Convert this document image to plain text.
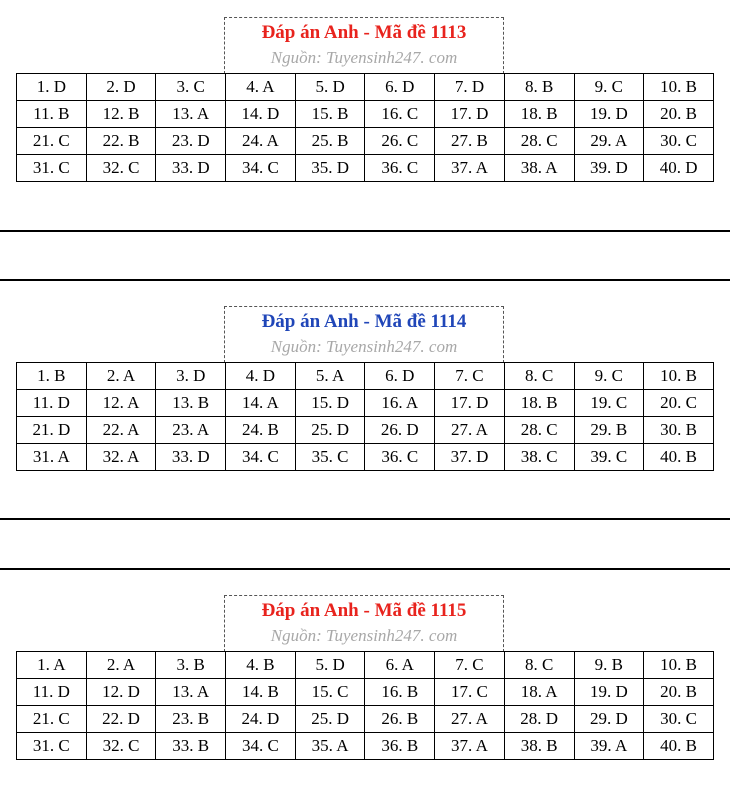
Đáp án Anh - Mã đề 1113
Nguồn: Tuyensinh247. com
1. D	2. D	3. C	4. A	5. D	6. D	7. D	8. B	9. C	10. B
11. B	12. B	13. A	14. D	15. B	16. C	17. D	18. B	19. D	20. B
21. C	22. B	23. D	24. A	25. B	26. C	27. B	28. C	29. A	30. C
31. C	32. C	33. D	34. C	35. D	36. C	37. A	38. A	39. D	40. D
Đáp án Anh - Mã đề 1114
Nguồn: Tuyensinh247. com
1. B	2. A	3. D	4. D	5. A	6. D	7. C	8. C	9. C	10. B
11. D	12. A	13. B	14. A	15. D	16. A	17. D	18. B	19. C	20. C
21. D	22. A	23. A	24. B	25. D	26. D	27. A	28. C	29. B	30. B
31. A	32. A	33. D	34. C	35. C	36. C	37. D	38. C	39. C	40. B
Đáp án Anh - Mã đề 1115
Nguồn: Tuyensinh247. com
1. A	2. A	3. B	4. B	5. D	6. A	7. C	8. C	9. B	10. B
11. D	12. D	13. A	14. B	15. C	16. B	17. C	18. A	19. D	20. B
21. C	22. D	23. B	24. D	25. D	26. B	27. A	28. D	29. D	30. C
31. C	32. C	33. B	34. C	35. A	36. B	37. A	38. B	39. A	40. B
